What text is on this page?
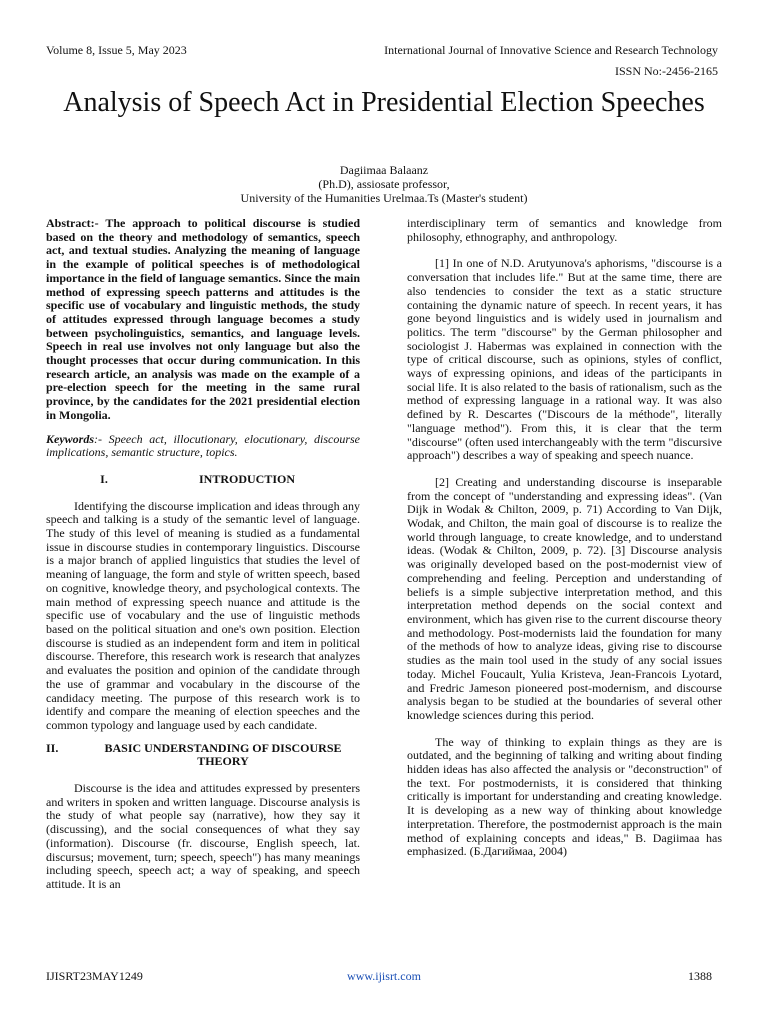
Volume 8, Issue 5, May 2023	International Journal of Innovative Science and Research Technology
ISSN No:-2456-2165
Analysis of Speech Act in Presidential Election Speeches
Dagiimaa Balaanz
(Ph.D), assiosate professor,
University of the Humanities Urelmaa.Ts (Master's student)

Abstract:- The approach to political discourse is studied based on the theory and methodology of semantics, speech act, and textual studies. Analyzing the meaning of language in the example of political speeches is of methodological importance in the field of language semantics. Since the main method of expressing speech patterns and attitudes is the specific use of vocabulary and linguistic methods, the study of attitudes expressed through language becomes a study between psycholinguistics, semantics, and language levels. Speech in real use involves not only language but also the thought processes that occur during communication. In this research article, an analysis was made on the example of a pre-election speech for the meeting in the same rural province, by the candidates for the 2021 presidential election in Mongolia.

Keywords:- Speech act, illocutionary, elocutionary, discourse implications, semantic structure, topics.

I.	INTRODUCTION

Identifying the discourse implication and ideas through any speech and talking is a study of the semantic level of language. The study of this level of meaning is studied as a fundamental issue in discourse studies in contemporary linguistics. Discourse is a major branch of applied linguistics that studies the level of meaning of language, the form and style of written speech, based on cognitive, knowledge theory, and psychological contexts. The main method of expressing speech nuance and attitude is the specific use of vocabulary and the use of linguistic methods based on the political situation and one's own position. Election discourse is studied as an independent form and item in political discourse. Therefore, this research work is research that analyzes and evaluates the position and opinion of the candidate through the use of grammar and vocabulary in the discourse of the candidacy meeting. The purpose of this research work is to identify and compare the meaning of election speeches and the common typology and language used by each candidate.

II.	BASIC UNDERSTANDING OF DISCOURSE THEORY

Discourse is the idea and attitudes expressed by presenters and writers in spoken and written language. Discourse analysis is the study of what people say (narrative), how they say it (discussing), and the social consequences of what they say (information). Discourse (fr. discourse, English speech, lat. discursus; movement, turn; speech, speech") has many meanings including speech, speech act; a way of speaking, and speech attitude. It is an

interdisciplinary term of semantics and knowledge from philosophy, ethnography, and anthropology.

[1] In one of N.D. Arutyunova's aphorisms, "discourse is a conversation that includes life." But at the same time, there are also tendencies to consider the text as a static structure containing the dynamic nature of speech. In recent years, it has gone beyond linguistics and is widely used in journalism and politics. The term "discourse" by the German philosopher and sociologist J. Habermas was explained in connection with the type of critical discourse, such as opinions, styles of conflict, ways of expressing opinions, and ideas of the participants in social life. It is also related to the basis of rationalism, such as the method of expressing language in a rational way. It was also defined by R. Descartes ("Discours de la méthode", literally "language method"). From this, it is clear that the term "discourse" (often used interchangeably with the term "discursive approach") describes a way of speaking and speech nuance.

[2] Creating and understanding discourse is inseparable from the concept of "understanding and expressing ideas". (Van Dijk in Wodak & Chilton, 2009, p. 71) According to Van Dijk, Wodak, and Chilton, the main goal of discourse is to realize the world through language, to create knowledge, and to understand ideas. (Wodak & Chilton, 2009, p. 72). [3] Discourse analysis was originally developed based on the post-modernist view of comprehending and feeling. Perception and understanding of beliefs is a simple subjective interpretation method, and this interpretation method depends on the social context and environment, which has given rise to the current discourse theory and methodology. Post-modernists laid the foundation for many of the methods of how to analyze ideas, giving rise to discourse studies as the main tool used in the study of any social issues today. Michel Foucault, Yulia Kristeva, Jean-Francois Lyotard, and Fredric Jameson pioneered post-modernism, and discourse analysis began to be studied at the boundaries of several other knowledge sciences during this period.

The way of thinking to explain things as they are is outdated, and the beginning of talking and writing about finding hidden ideas has also affected the analysis or "deconstruction" of the text. For postmodernists, it is considered that thinking critically is important for understanding and creating knowledge. It is developing as a new way of thinking about knowledge interpretation. Therefore, the postmodernist approach is the main method of explaining concepts and ideas," B. Dagiimaa has emphasized. (Б.Дагиймаа, 2004)

IJISRT23MAY1249	www.ijisrt.com	1388
